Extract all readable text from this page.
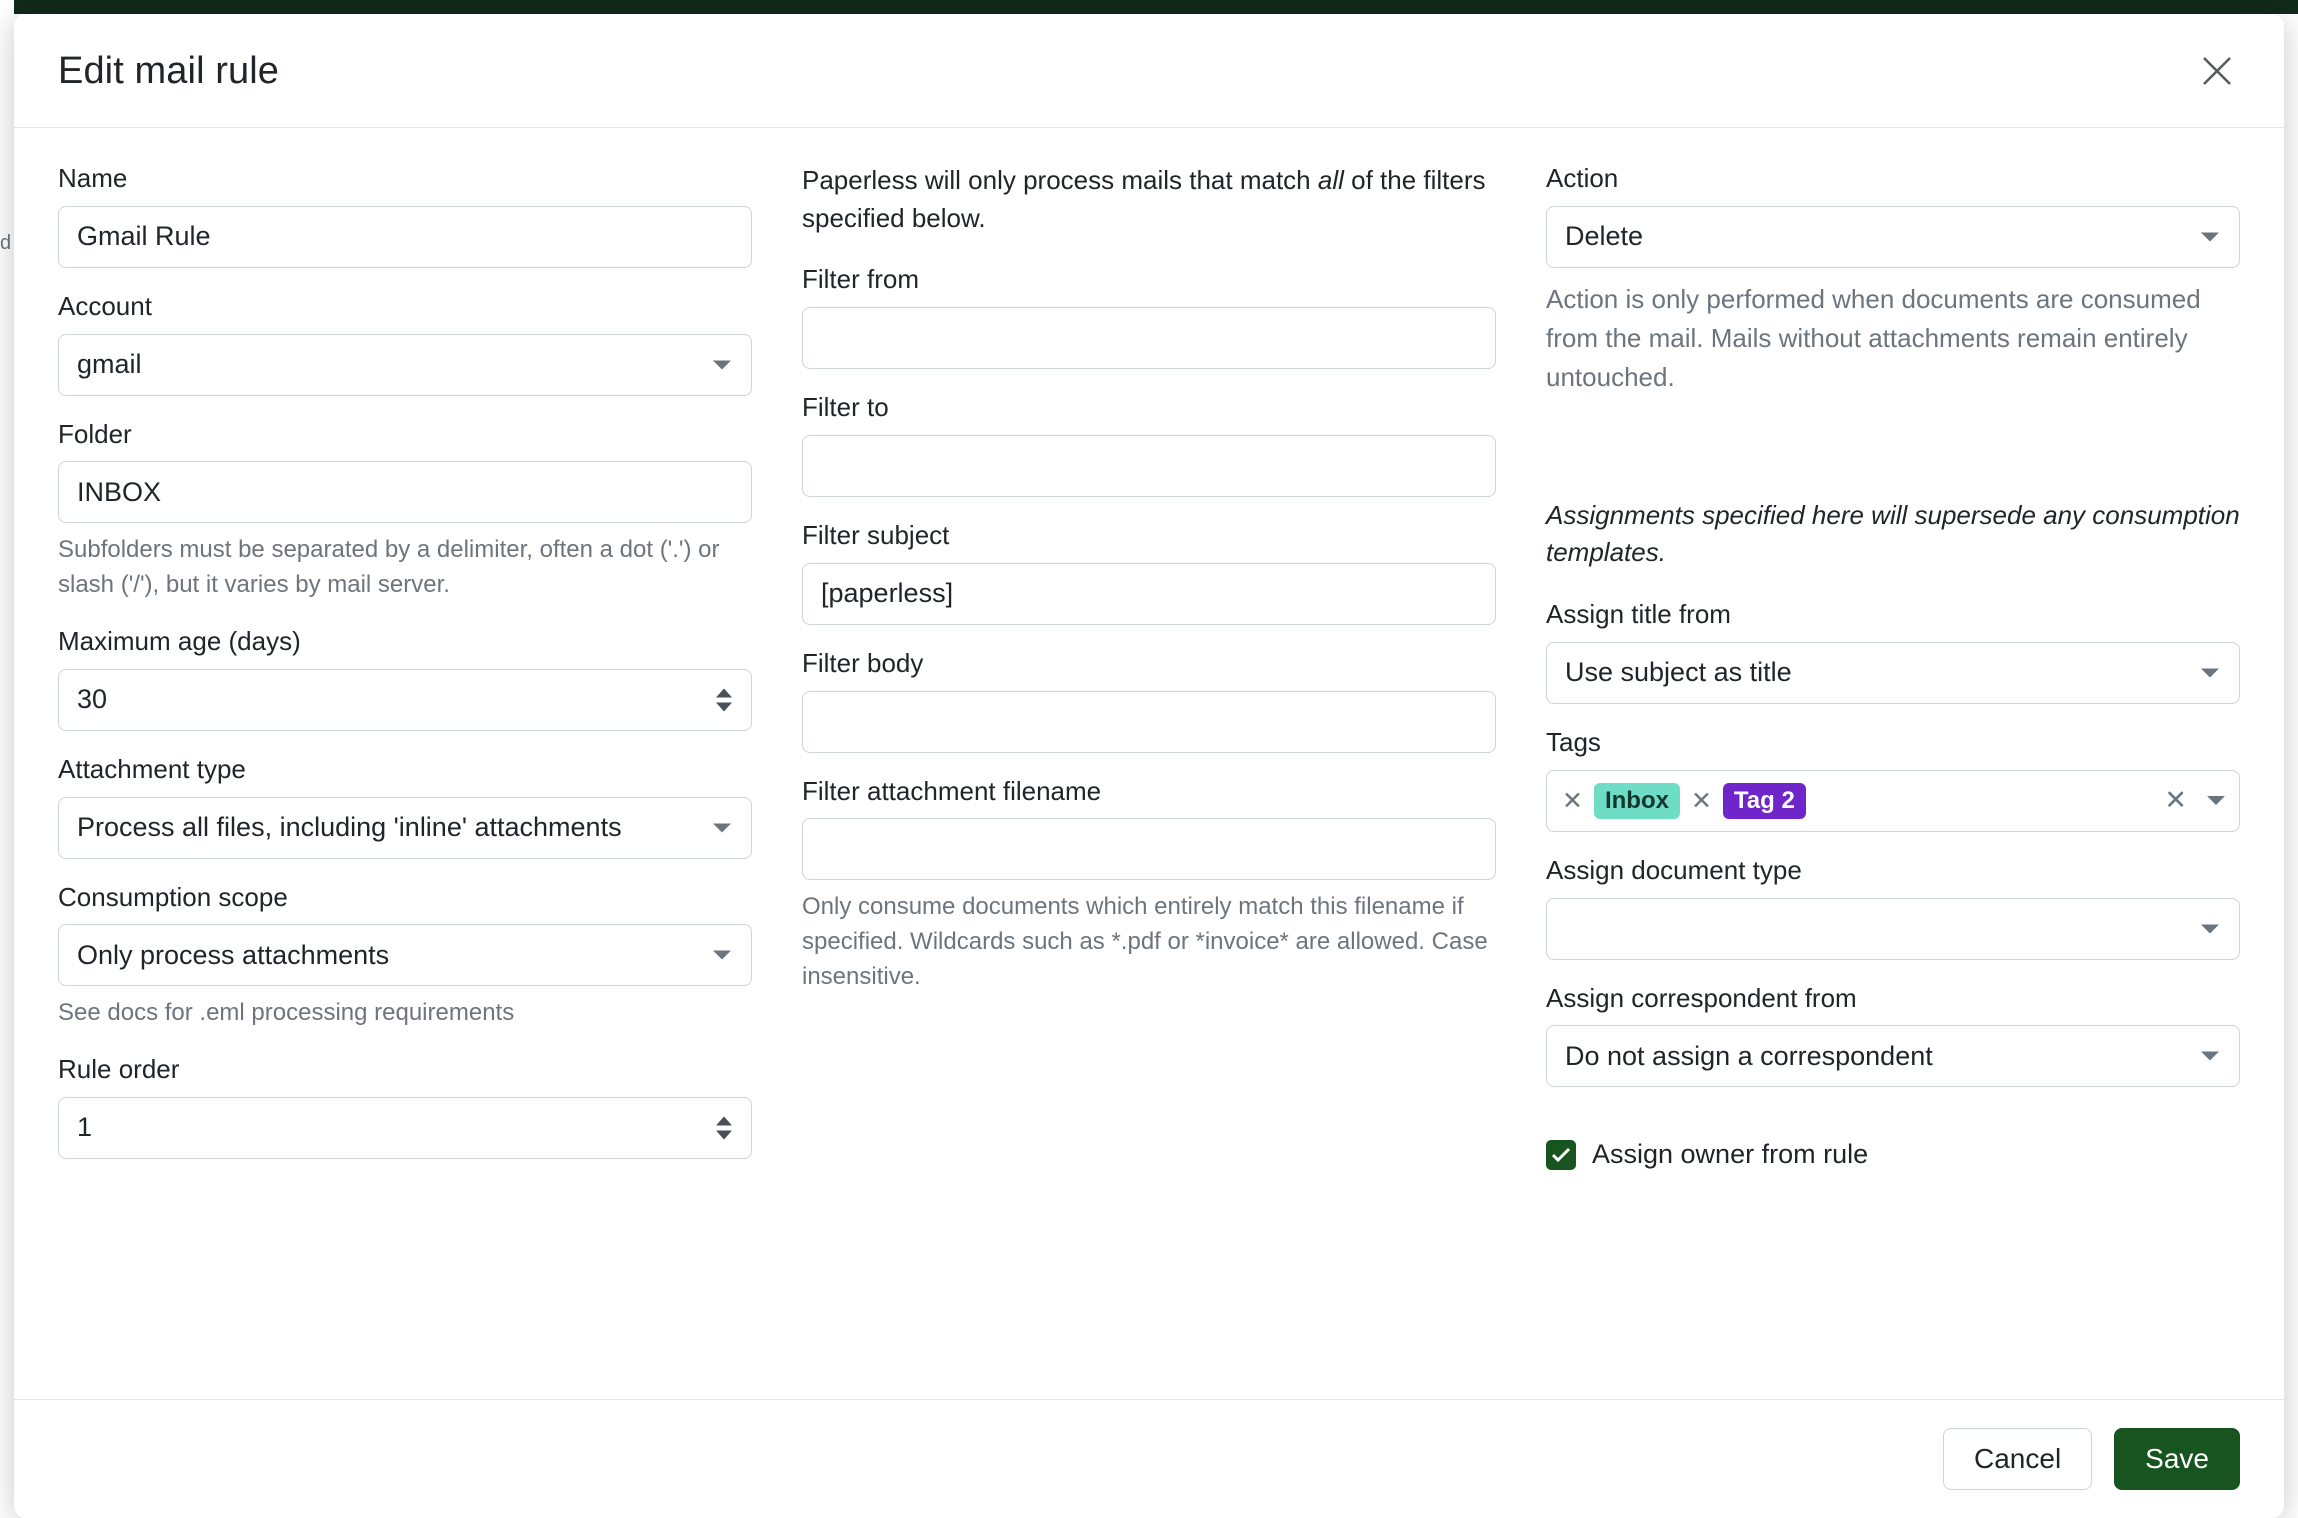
d
Edit mail rule
Name
Gmail Rule
Account
gmail
Folder
INBOX
Subfolders must be separated by a delimiter, often a dot ('.') or slash ('/'), but it varies by mail server.
Maximum age (days)
30
Attachment type
Process all files, including 'inline' attachments
Consumption scope
Only process attachments
See docs for .eml processing requirements
Rule order
1
Paperless will only process mails that match all of the filters specified below.
Filter from
Filter to
Filter subject
[paperless]
Filter body
Filter attachment filename
Only consume documents which entirely match this filename if specified. Wildcards such as *.pdf or *invoice* are allowed. Case insensitive.
Action
Delete
Action is only performed when documents are consumed from the mail. Mails without attachments remain entirely untouched.
Assignments specified here will supersede any consumption templates.
Assign title from
Use subject as title
Tags
✕ Inbox ✕ Tag 2	✕
Assign document type
Assign correspondent from
Do not assign a correspondent
Assign owner from rule
Cancel	Save
